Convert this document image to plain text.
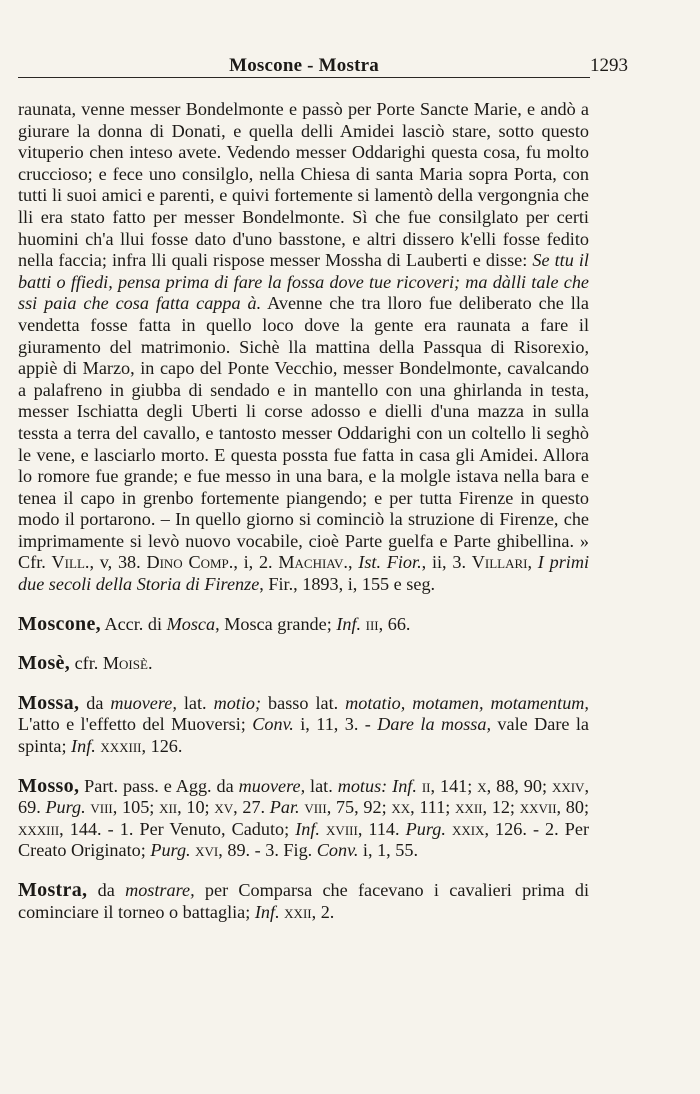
Moscone - Mostra	1293

raunata, venne messer Bondelmonte e passò per Porte Sancte Marie, e andò a giurare la donna di Donati, e quella delli Amidei lasciò stare, sotto questo vituperio chen inteso avete. Vedendo messer Oddarighi questa cosa, fu molto cruccioso; e fece uno consilglo, nella Chiesa di santa Maria sopra Porta, con tutti li suoi amici e parenti, e quivi fortemente si lamentò della vergongnia che lli era stato fatto per messer Bondelmonte. Sì che fue consilglato per certi huomini ch'a llui fosse dato d'uno basstone, e altri dissero k'elli fosse fedito nella faccia; infra lli quali rispose messer Mossha di Lauberti e disse: Se ttu il batti o ffiedi, pensa prima di fare la fossa dove tue ricoveri; ma dàlli tale che ssi paia che cosa fatta cappa à. Avenne che tra lloro fue deliberato che lla vendetta fosse fatta in quello loco dove la gente era raunata a fare il giuramento del matrimonio. Sichè lla mattina della Passqua di Risorexio, appiè di Marzo, in capo del Ponte Vecchio, messer Bondelmonte, cavalcando a palafreno in giubba di sendado e in mantello con una ghirlanda in testa, messer Ischiatta degli Uberti li corse adosso e dielli d'una mazza in sulla tessta a terra del cavallo, e tantosto messer Oddarighi con un coltello li seghò le vene, e lasciarlo morto. E questa possta fue fatta in casa gli Amidei. Allora lo romore fue grande; e fue messo in una bara, e la molgle istava nella bara e tenea il capo in grenbo fortemente piangendo; e per tutta Firenze in questo modo il portarono. – In quello giorno si cominciò la struzione di Firenze, che imprimamente si levò nuovo vocabile, cioè Parte guelfa e Parte ghibellina. » Cfr. Vill., v, 38. Dino Comp., i, 2. Machiav., Ist. Fior., ii, 3. Villari, I primi due secoli della Storia di Firenze, Fir., 1893, i, 155 e seg.

Moscone, Accr. di Mosca, Mosca grande; Inf. iii, 66.

Mosè, cfr. Moisè.

Mossa, da muovere, lat. motio; basso lat. motatio, motamen, motamentum, L'atto e l'effetto del Muoversi; Conv. i, 11, 3. - Dare la mossa, vale Dare la spinta; Inf. xxxiii, 126.

Mosso, Part. pass. e Agg. da muovere, lat. motus: Inf. ii, 141; x, 88, 90; xxiv, 69. Purg. viii, 105; xii, 10; xv, 27. Par. viii, 75, 92; xx, 111; xxii, 12; xxvii, 80; xxxiii, 144. - 1. Per Venuto, Caduto; Inf. xviii, 114. Purg. xxix, 126. - 2. Per Creato Originato; Purg. xvi, 89. - 3. Fig. Conv. i, 1, 55.

Mostra, da mostrare, per Comparsa che facevano i cavalieri prima di cominciare il torneo o battaglia; Inf. xxii, 2.
